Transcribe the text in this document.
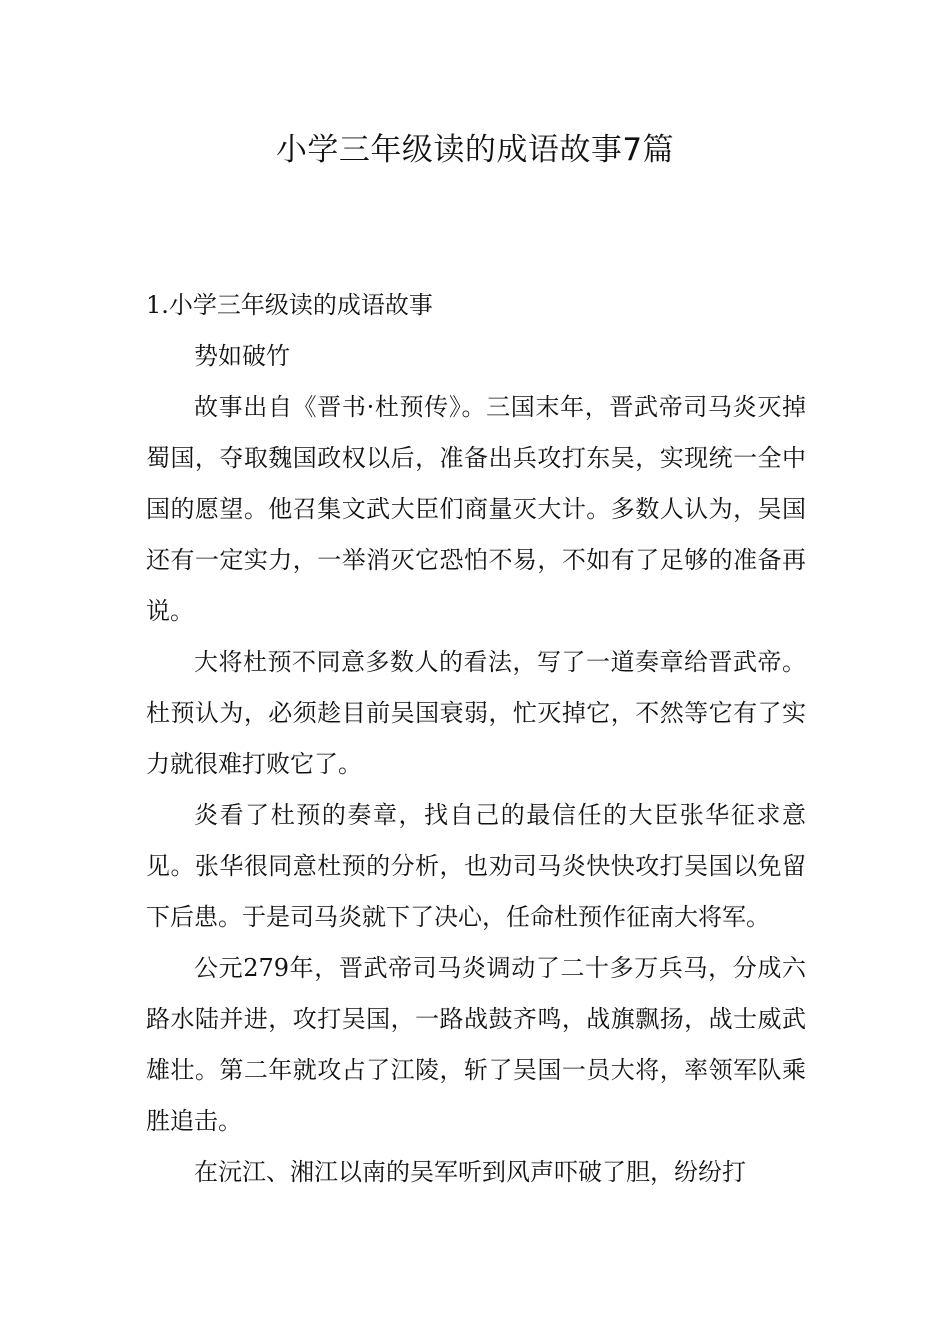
小学三年级读的成语故事7篇

1.小学三年级读的成语故事

势如破竹

故事出自《晋书·杜预传》。三国末年，晋武帝司马炎灭掉蜀国，夺取魏国政权以后，准备出兵攻打东吴，实现统一全中国的愿望。他召集文武大臣们商量灭大计。多数人认为，吴国还有一定实力，一举消灭它恐怕不易，不如有了足够的准备再说。

大将杜预不同意多数人的看法，写了一道奏章给晋武帝。杜预认为，必须趁目前吴国衰弱，忙灭掉它，不然等它有了实力就很难打败它了。

炎看了杜预的奏章，找自己的最信任的大臣张华征求意见。张华很同意杜预的分析，也劝司马炎快快攻打吴国以免留下后患。于是司马炎就下了决心，任命杜预作征南大将军。

公元279年，晋武帝司马炎调动了二十多万兵马，分成六路水陆并进，攻打吴国，一路战鼓齐鸣，战旗飘扬，战士威武雄壮。第二年就攻占了江陵，斩了吴国一员大将，率领军队乘胜追击。

在沅江、湘江以南的吴军听到风声吓破了胆，纷纷打
